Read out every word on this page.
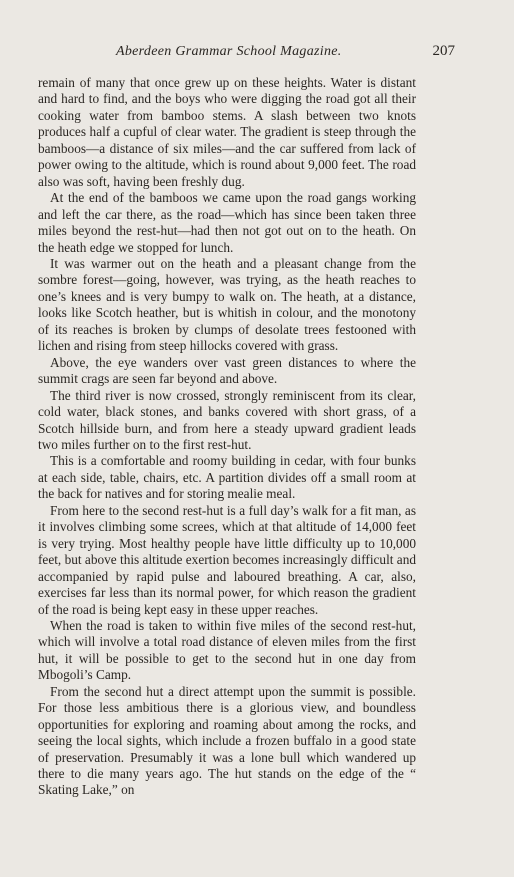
Aberdeen Grammar School Magazine.	207

remain of many that once grew up on these heights. Water is distant and hard to find, and the boys who were digging the road got all their cooking water from bamboo stems. A slash between two knots produces half a cupful of clear water. The gradient is steep through the bamboos—a distance of six miles—and the car suffered from lack of power owing to the altitude, which is round about 9,000 feet. The road also was soft, having been freshly dug.

At the end of the bamboos we came upon the road gangs working and left the car there, as the road—which has since been taken three miles beyond the rest-hut—had then not got out on to the heath. On the heath edge we stopped for lunch.

It was warmer out on the heath and a pleasant change from the sombre forest—going, however, was trying, as the heath reaches to one’s knees and is very bumpy to walk on. The heath, at a distance, looks like Scotch heather, but is whitish in colour, and the monotony of its reaches is broken by clumps of desolate trees festooned with lichen and rising from steep hillocks covered with grass.

Above, the eye wanders over vast green distances to where the summit crags are seen far beyond and above.

The third river is now crossed, strongly reminiscent from its clear, cold water, black stones, and banks covered with short grass, of a Scotch hillside burn, and from here a steady upward gradient leads two miles further on to the first rest-hut.

This is a comfortable and roomy building in cedar, with four bunks at each side, table, chairs, etc. A partition divides off a small room at the back for natives and for storing mealie meal.

From here to the second rest-hut is a full day’s walk for a fit man, as it involves climbing some screes, which at that altitude of 14,000 feet is very trying. Most healthy people have little difficulty up to 10,000 feet, but above this altitude exertion becomes increasingly difficult and accompanied by rapid pulse and laboured breathing. A car, also, exercises far less than its normal power, for which reason the gradient of the road is being kept easy in these upper reaches.

When the road is taken to within five miles of the second rest-hut, which will involve a total road distance of eleven miles from the first hut, it will be possible to get to the second hut in one day from Mbogoli’s Camp.

From the second hut a direct attempt upon the summit is possible. For those less ambitious there is a glorious view, and boundless opportunities for exploring and roaming about among the rocks, and seeing the local sights, which include a frozen buffalo in a good state of preservation. Presumably it was a lone bull which wandered up there to die many years ago. The hut stands on the edge of the “ Skating Lake,” on
